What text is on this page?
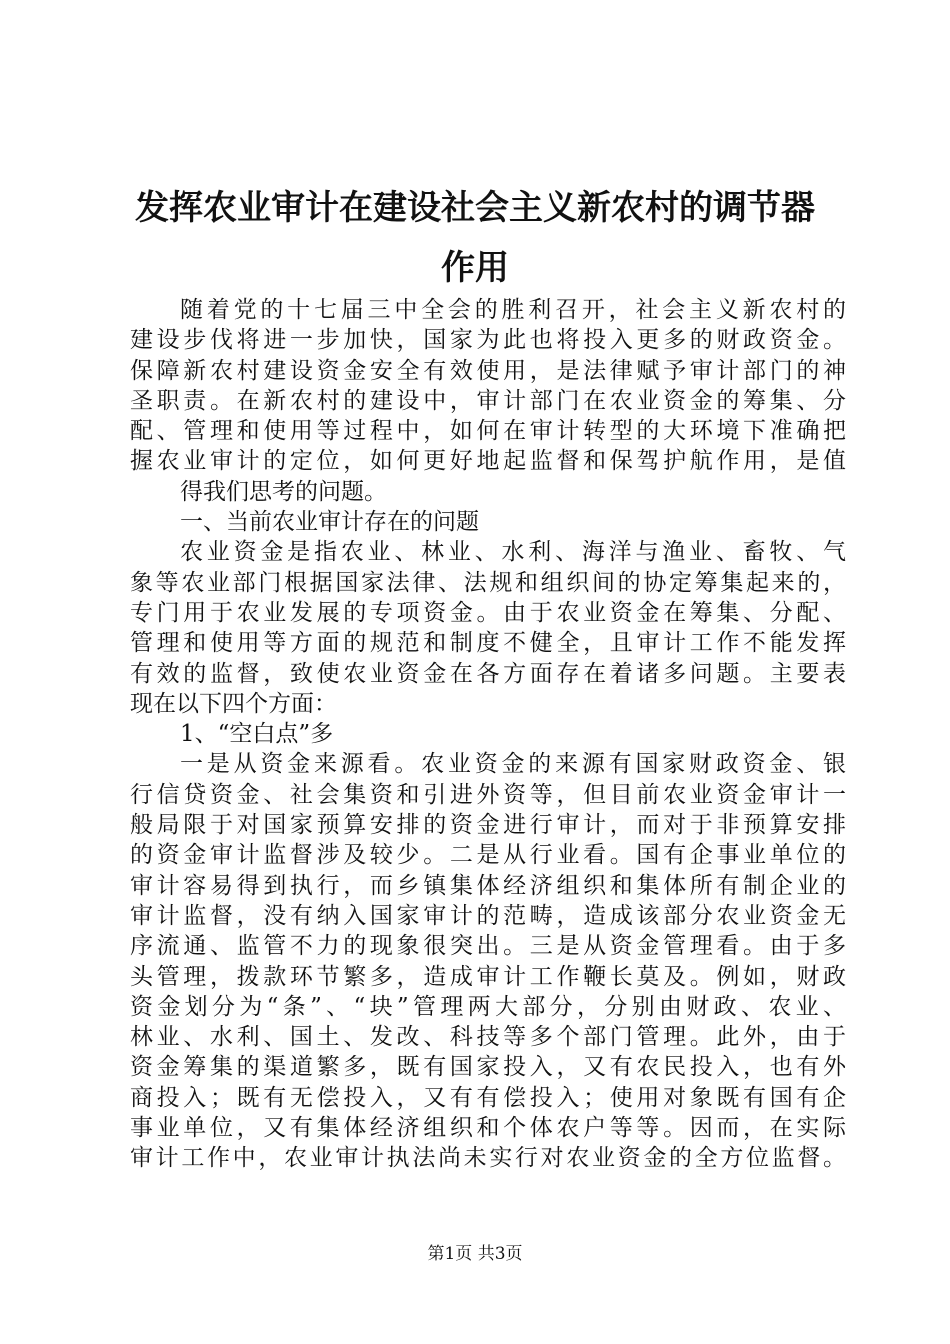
发挥农业审计在建设社会主义新农村的调节器
作用
随着党的十七届三中全会的胜利召开，社会主义新农村的
建设步伐将进一步加快，国家为此也将投入更多的财政资金。
保障新农村建设资金安全有效使用，是法律赋予审计部门的神
圣职责。在新农村的建设中，审计部门在农业资金的筹集、分
配、管理和使用等过程中，如何在审计转型的大环境下准确把
握农业审计的定位，如何更好地起监督和保驾护航作用，是值
得我们思考的问题。
一、当前农业审计存在的问题
农业资金是指农业、林业、水利、海洋与渔业、畜牧、气
象等农业部门根据国家法律、法规和组织间的协定筹集起来的，
专门用于农业发展的专项资金。由于农业资金在筹集、分配、
管理和使用等方面的规范和制度不健全，且审计工作不能发挥
有效的监督，致使农业资金在各方面存在着诸多问题。主要表
现在以下四个方面：
1、“空白点”多
一是从资金来源看。农业资金的来源有国家财政资金、银
行信贷资金、社会集资和引进外资等，但目前农业资金审计一
般局限于对国家预算安排的资金进行审计，而对于非预算安排
的资金审计监督涉及较少。二是从行业看。国有企事业单位的
审计容易得到执行，而乡镇集体经济组织和集体所有制企业的
审计监督，没有纳入国家审计的范畴，造成该部分农业资金无
序流通、监管不力的现象很突出。三是从资金管理看。由于多
头管理，拨款环节繁多，造成审计工作鞭长莫及。例如，财政
资金划分为“条”、“块”管理两大部分，分别由财政、农业、
林业、水利、国土、发改、科技等多个部门管理。此外，由于
资金筹集的渠道繁多，既有国家投入，又有农民投入，也有外
商投入；既有无偿投入，又有有偿投入；使用对象既有国有企
事业单位，又有集体经济组织和个体农户等等。因而，在实际
审计工作中，农业审计执法尚未实行对农业资金的全方位监督。
第1页 共3页
